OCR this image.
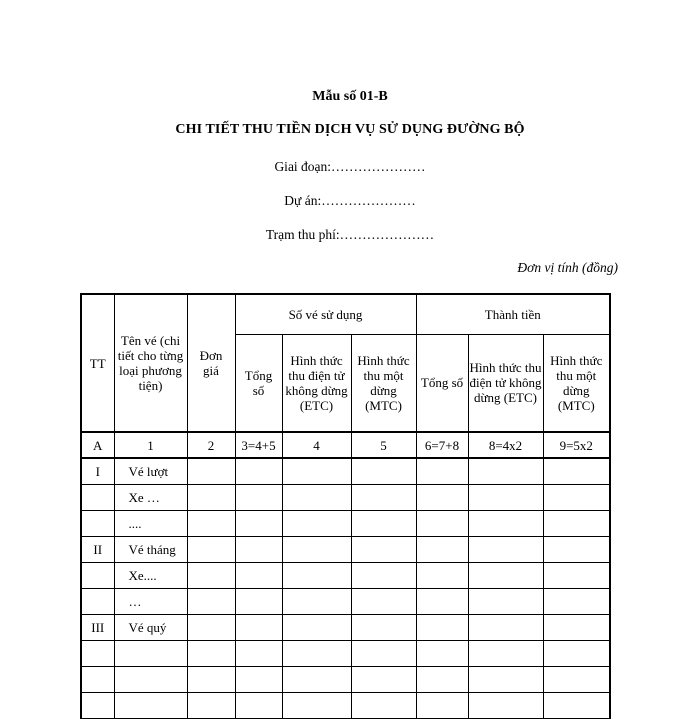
Mẫu số 01-B
CHI TIẾT THU TIỀN DỊCH VỤ SỬ DỤNG ĐƯỜNG BỘ
Giai đoạn:…………………
Dự án:…………………
Trạm thu phí:…………………
Đơn vị tính (đồng)
TT	Tên vé (chi tiết cho từng loại phương tiện)	Đơn giá	Số vé sử dụng			Thành tiền		

			Tổng số	Hình thức thu điện tử không dừng (ETC)	Hình thức thu một dừng (MTC)	Tổng số	Hình thức thu điện tử không dừng (ETC)	Hình thức thu một dừng (MTC)
A	1	2	3=4+5	4	5	6=7+8	8=4x2	9=5x2
I	Vé lượt							
	Xe …							
	....							
II	Vé tháng							
	Xe....							
	…							
III	Vé quý							
